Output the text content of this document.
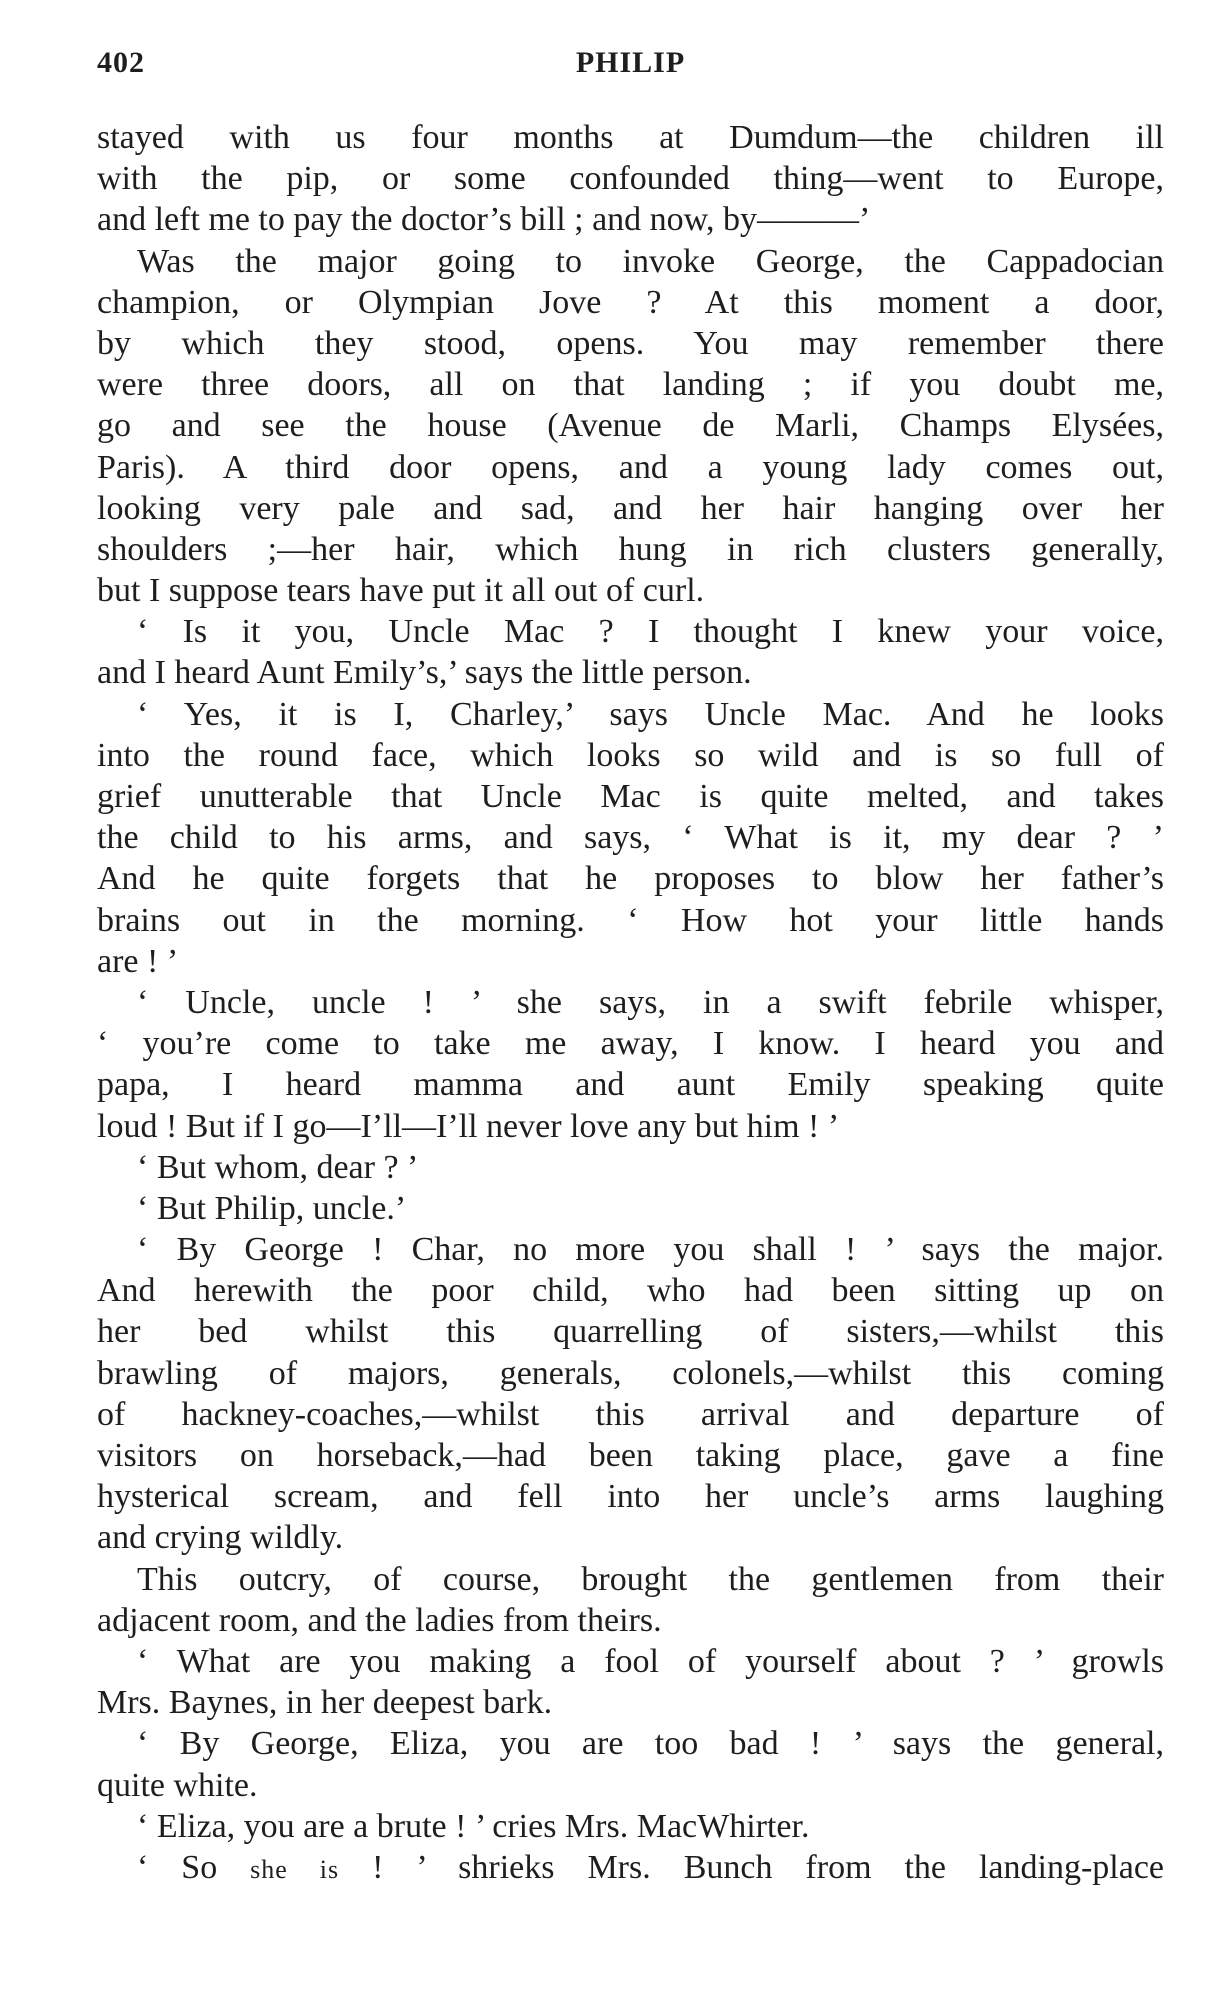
402	PHILIP
stayed with us four months at Dumdum—the children ill
with the pip, or some confounded thing—went to Europe,
and left me to pay the doctor’s bill ; and now, by———’
Was the major going to invoke George, the Cappadocian
champion, or Olympian Jove ? At this moment a door,
by which they stood, opens. You may remember there
were three doors, all on that landing ; if you doubt me,
go and see the house (Avenue de Marli, Champs Elysées,
Paris). A third door opens, and a young lady comes out,
looking very pale and sad, and her hair hanging over her
shoulders ;—her hair, which hung in rich clusters generally,
but I suppose tears have put it all out of curl.
‘ Is it you, Uncle Mac ? I thought I knew your voice,
and I heard Aunt Emily’s,’ says the little person.
‘ Yes, it is I, Charley,’ says Uncle Mac. And he looks
into the round face, which looks so wild and is so full of
grief unutterable that Uncle Mac is quite melted, and takes
the child to his arms, and says, ‘ What is it, my dear ? ’
And he quite forgets that he proposes to blow her father’s
brains out in the morning. ‘ How hot your little hands
are ! ’
‘ Uncle, uncle ! ’ she says, in a swift febrile whisper,
‘ you’re come to take me away, I know. I heard you and
papa, I heard mamma and aunt Emily speaking quite
loud ! But if I go—I’ll—I’ll never love any but him ! ’
‘ But whom, dear ? ’
‘ But Philip, uncle.’
‘ By George ! Char, no more you shall ! ’ says the major.
And herewith the poor child, who had been sitting up on
her bed whilst this quarrelling of sisters,—whilst this
brawling of majors, generals, colonels,—whilst this coming
of hackney-coaches,—whilst this arrival and departure of
visitors on horseback,—had been taking place, gave a fine
hysterical scream, and fell into her uncle’s arms laughing
and crying wildly.
This outcry, of course, brought the gentlemen from their
adjacent room, and the ladies from theirs.
‘ What are you making a fool of yourself about ? ’ growls
Mrs. Baynes, in her deepest bark.
‘ By George, Eliza, you are too bad ! ’ says the general,
quite white.
‘ Eliza, you are a brute ! ’ cries Mrs. MacWhirter.
‘ So she is ! ’ shrieks Mrs. Bunch from the landing-place
